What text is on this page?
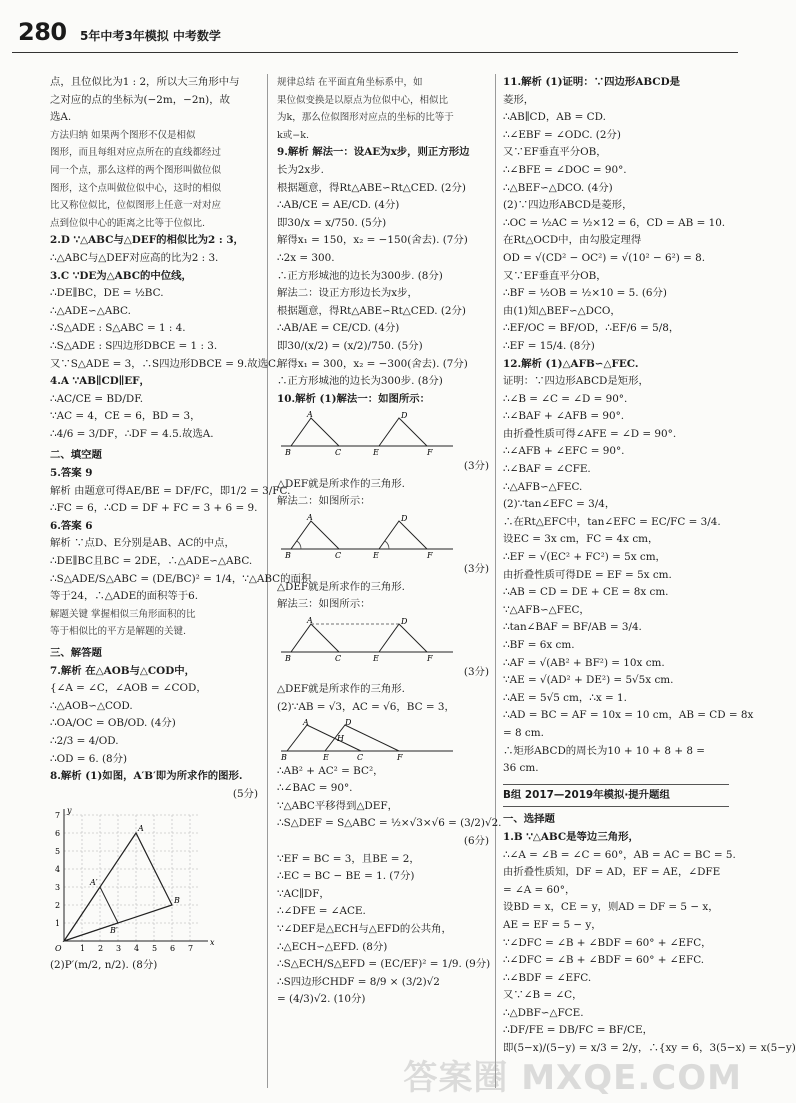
280 5年中考3年模拟 中考数学
点，且位似比为1 : 2，所以大三角形中与
之对应的点的坐标为(−2m，−2n)，故
选A.
方法归纳 如果两个图形不仅是相似
图形，而且每组对应点所在的直线都经过
同一个点，那么这样的两个图形叫做位似
图形，这个点叫做位似中心，这时的相似
比又称位似比，位似图形上任意一对对应
点到位似中心的距离之比等于位似比.
2.D ∵△ABC与△DEF的相似比为2 : 3，
∴△ABC与△DEF对应高的比为2 : 3.
3.C ∵DE为△ABC的中位线，
∴DE∥BC，DE = ½BC.
∴△ADE∽△ABC.
∴S△ADE : S△ABC = 1 : 4.
∴S△ADE : S四边形DBCE = 1 : 3.
又∵S△ADE = 3，∴S四边形DBCE = 9.故选C.
4.A ∵AB∥CD∥EF，
∴AC/CE = BD/DF.
∵AC = 4，CE = 6，BD = 3，
∴4/6 = 3/DF，∴DF = 4.5.故选A.
二、填空题
5.答案 9
解析 由题意可得AE/BE = DF/FC，即1/2 = 3/FC.
∴FC = 6，∴CD = DF + FC = 3 + 6 = 9.
6.答案 6
解析 ∵点D、E分别是AB、AC的中点，
∴DE∥BC且BC = 2DE，∴△ADE∽△ABC.
∴S△ADE/S△ABC = (DE/BC)² = 1/4，∵△ABC的面积
等于24，∴△ADE的面积等于6.
解题关键 掌握相似三角形面积的比
等于相似比的平方是解题的关键.
三、解答题
7.解析 在△AOB与△COD中，
{∠A = ∠C，∠AOB = ∠COD，
∴△AOB∽△COD.
∴OA/OC = OB/OD. (4分)
∴2/3 = 4/OD.
∴OD = 6. (8分)
8.解析 (1)如图，A′B′即为所求作的图形.
(5分)
1
2
3
4
5
6
7
1 2 3 4 5 6 7
O
x
y
A
B
A′
B′
(2)P′(m/2, n/2). (8分)
规律总结 在平面直角坐标系中，如
果位似变换是以原点为位似中心，相似比
为k，那么位似图形对应点的坐标的比等于
k或−k.
9.解析 解法一：设AE为x步，则正方形边
长为2x步.
根据题意，得Rt△ABE∽Rt△CED. (2分)
∴AB/CE = AE/CD. (4分)
即30/x = x/750. (5分)
解得x₁ = 150，x₂ = −150(舍去). (7分)
∴2x = 300.
∴正方形城池的边长为300步. (8分)
解法二：设正方形边长为x步，
根据题意，得Rt△ABE∽Rt△CED. (2分)
∴AB/AE = CE/CD. (4分)
即30/(x/2) = (x/2)/750. (5分)
解得x₁ = 300，x₂ = −300(舍去). (7分)
∴正方形城池的边长为300步. (8分)
10.解析 (1)解法一：如图所示：
B
A
C	E
D
F
(3分)
△DEF就是所求作的三角形.
解法二：如图所示：
B
A
C	E
D
F
(3分)
△DEF就是所求作的三角形.
解法三：如图所示：
B
A
C	E
D
F
(3分)
△DEF就是所求作的三角形.
(2)∵AB = √3，AC = √6，BC = 3，
B
A
C
E
D
F
H
∴AB² + AC² = BC²，
∴∠BAC = 90°.
∵△ABC平移得到△DEF，
∴S△DEF = S△ABC = ½×√3×√6 = (3/2)√2.
(6分)
∵EF = BC = 3，且BE = 2，
∴EC = BC − BE = 1. (7分)
∵AC∥DF，
∴∠DFE = ∠ACE.
∵∠DEF是△ECH与△EFD的公共角，
∴△ECH∽△EFD. (8分)
∴S△ECH/S△EFD = (EC/EF)² = 1/9. (9分)
∴S四边形CHDF = 8/9 × (3/2)√2
= (4/3)√2. (10分)
11.解析 (1)证明：∵四边形ABCD是
菱形，
∴AB∥CD，AB = CD.
∴∠EBF = ∠ODC. (2分)
又∵EF垂直平分OB，
∴∠BFE = ∠DOC = 90°.
∴△BEF∽△DCO. (4分)
(2)∵四边形ABCD是菱形，
∴OC = ½AC = ½×12 = 6，CD = AB = 10.
在Rt△OCD中，由勾股定理得
OD = √(CD² − OC²) = √(10² − 6²) = 8.
又∵EF垂直平分OB，
∴BF = ½OB = ½×10 = 5. (6分)
由(1)知△BEF∽△DCO，
∴EF/OC = BF/OD，∴EF/6 = 5/8，
∴EF = 15/4. (8分)
12.解析 (1)△AFB∽△FEC.
证明：∵四边形ABCD是矩形，
∴∠B = ∠C = ∠D = 90°.
∴∠BAF + ∠AFB = 90°.
由折叠性质可得∠AFE = ∠D = 90°.
∴∠AFB + ∠EFC = 90°.
∴∠BAF = ∠CFE.
∴△AFB∽△FEC.
(2)∵tan∠EFC = 3/4，
∴在Rt△EFC中，tan∠EFC = EC/FC = 3/4.
设EC = 3x cm，FC = 4x cm，
∴EF = √(EC² + FC²) = 5x cm，
由折叠性质可得DE = EF = 5x cm.
∴AB = CD = DE + CE = 8x cm.
∵△AFB∽△FEC，
∴tan∠BAF = BF/AB = 3/4.
∴BF = 6x cm.
∴AF = √(AB² + BF²) = 10x cm.
∵AE = √(AD² + DE²) = 5√5x cm.
∴AE = 5√5 cm，∴x = 1.
∴AD = BC = AF = 10x = 10 cm，AB = CD = 8x
= 8 cm.
∴矩形ABCD的周长为10 + 10 + 8 + 8 =
36 cm.
B组 2017—2019年模拟·提升题组
一、选择题
1.B ∵△ABC是等边三角形，
∴∠A = ∠B = ∠C = 60°，AB = AC = BC = 5.
由折叠性质知，DF = AD，EF = AE，∠DFE
= ∠A = 60°，
设BD = x，CE = y，则AD = DF = 5 − x，
AE = EF = 5 − y，
∵∠DFC = ∠B + ∠BDF = 60° + ∠EFC，
∴∠DFC = ∠B + ∠BDF = 60° + ∠EFC.
∴∠BDF = ∠EFC.
又∵∠B = ∠C，
∴△DBF∽△FCE.
∴DF/FE = DB/FC = BF/CE，
即(5−x)/(5−y) = x/3 = 2/y，∴{xy = 6，3(5−x) = x(5−y)
答案圈 MXQE.COM
